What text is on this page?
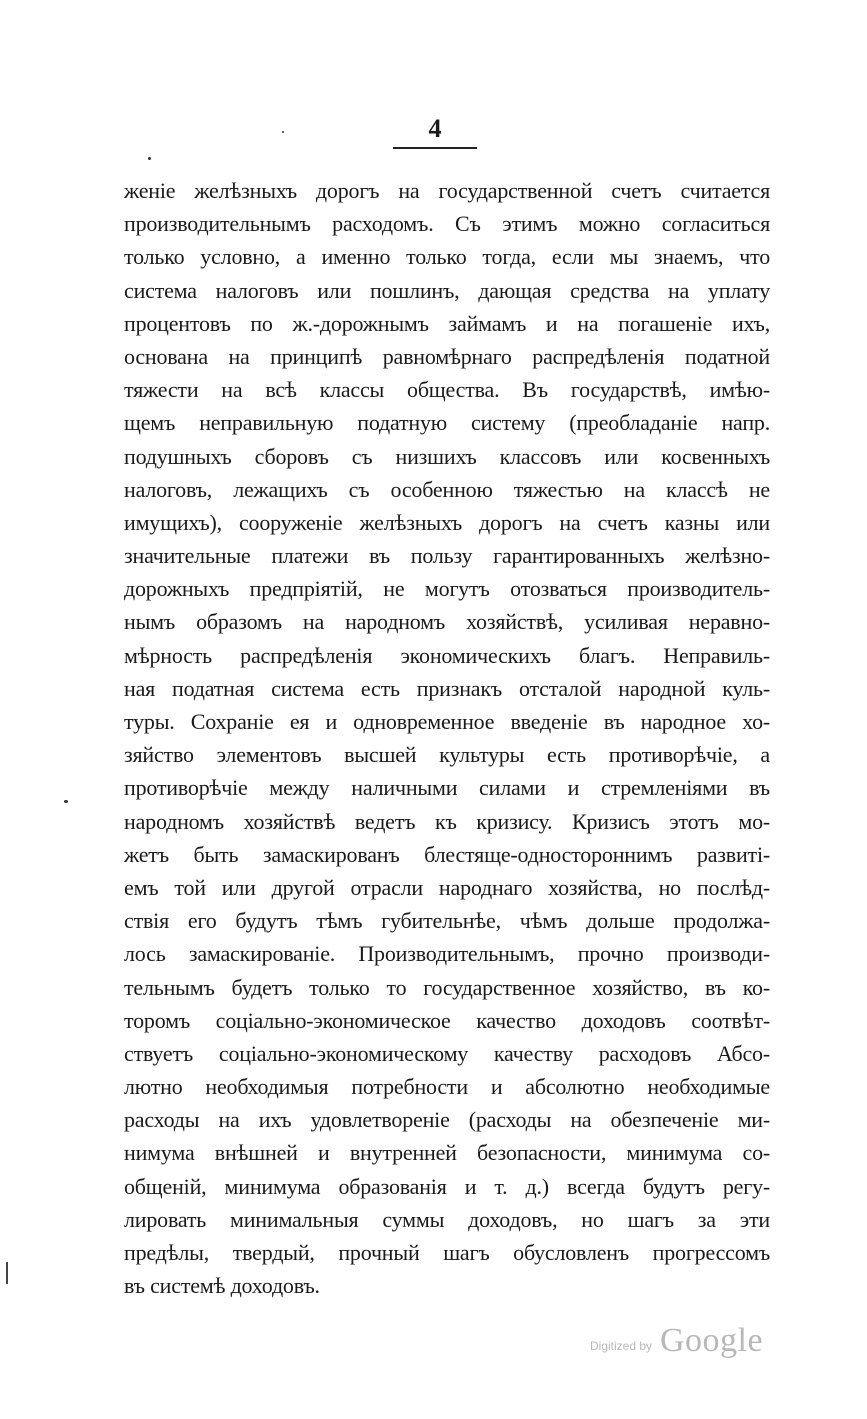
4
женіе желѣзныхъ дорогъ на государственной счетъ считается
производительнымъ расходомъ. Съ этимъ можно согласиться
только условно, а именно только тогда, если мы знаемъ, что
система налоговъ или пошлинъ, дающая средства на уплату
процентовъ по ж.-дорожнымъ займамъ и на погашеніе ихъ,
основана на принципѣ равномѣрнаго распредѣленія податной
тяжести на всѣ классы общества. Въ государствѣ, имѣю-
щемъ неправильную податную систему (преобладаніе напр.
подушныхъ сборовъ съ низшихъ классовъ или косвенныхъ
налоговъ, лежащихъ съ особенною тяжестью на классѣ не
имущихъ), сооруженіе желѣзныхъ дорогъ на счетъ казны или
значительные платежи въ пользу гарантированныхъ желѣзно-
дорожныхъ предпріятій, не могутъ отозваться производитель-
нымъ образомъ на народномъ хозяйствѣ, усиливая неравно-
мѣрность распредѣленія экономическихъ благъ. Неправиль-
ная податная система есть признакъ отсталой народной куль-
туры. Сохраніе ея и одновременное введеніе въ народное хо-
зяйство элементовъ высшей культуры есть противорѣчіе, а
противорѣчіе между наличными силами и стремленіями въ
народномъ хозяйствѣ ведетъ къ кризису. Кризисъ этотъ мо-
жетъ быть замаскированъ блестяще-одностороннимъ развиті-
емъ той или другой отрасли народнаго хозяйства, но послѣд-
ствія его будутъ тѣмъ губительнѣе, чѣмъ дольше продолжа-
лось замаскированіе. Производительнымъ, прочно производи-
тельнымъ будетъ только то государственное хозяйство, въ ко-
торомъ соціально-экономическое качество доходовъ соотвѣт-
ствуетъ соціально-экономическому качеству расходовъ Абсо-
лютно необходимыя потребности и абсолютно необходимые
расходы на ихъ удовлетвореніе (расходы на обезпеченіе ми-
нимума внѣшней и внутренней безопасности, минимума со-
общеній, минимума образованія и т. д.) всегда будутъ регу-
лировать минимальныя суммы доходовъ, но шагъ за эти
предѣлы, твердый, прочный шагъ обусловленъ прогрессомъ
въ системѣ доходовъ.
Digitized by Google
